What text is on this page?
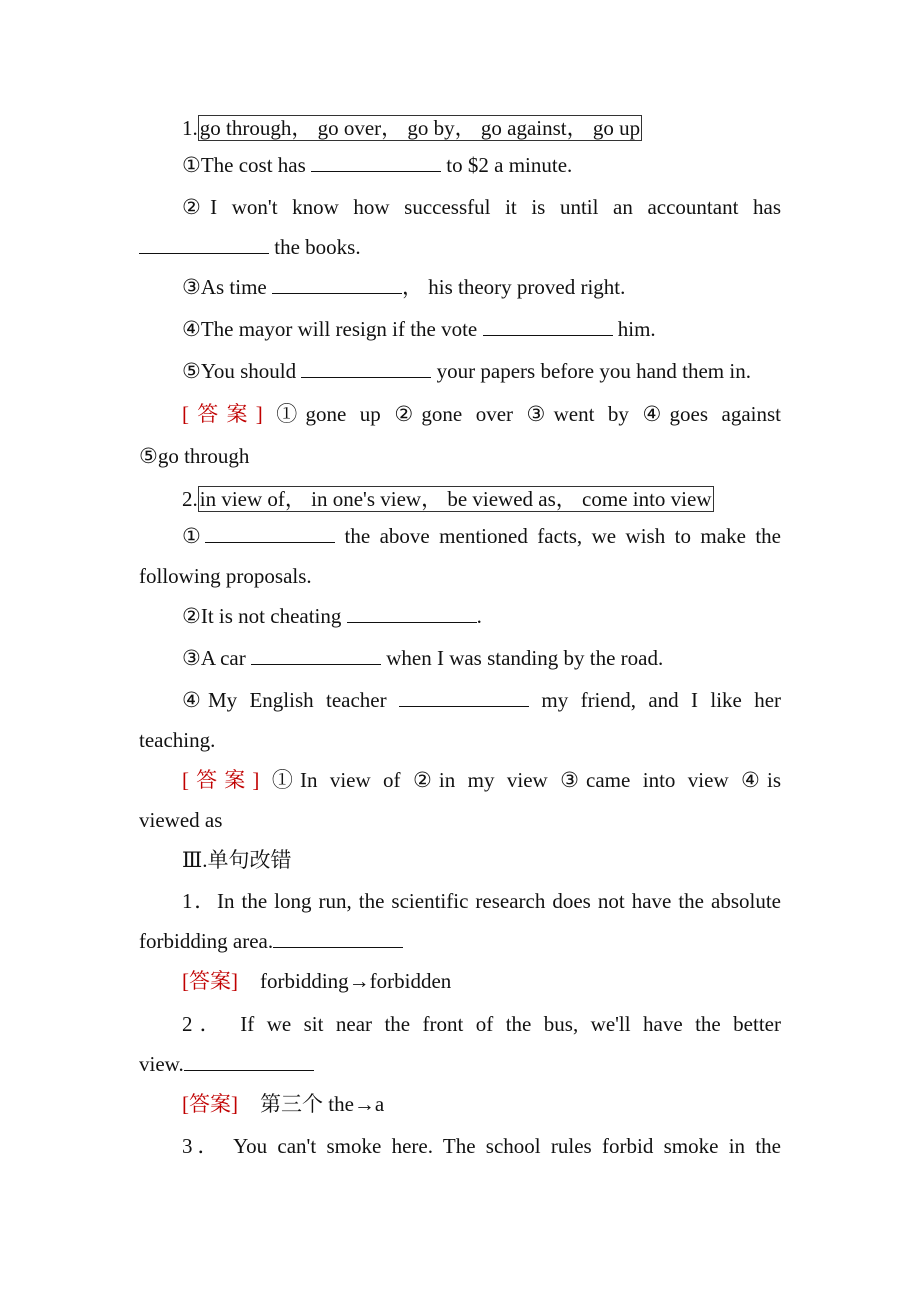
1.go through， go over， go by， go against， go up
①The cost has	to $2 a minute.
②I won't know how successful it is until an accountant has
the books.
③As time	， his theory proved right.
④The mayor will resign if the vote	him.
⑤You should	your papers before you hand them in.
[答案] ①gone up ②gone over ③went by ④goes against
⑤go through
2.in view of， in one's view， be viewed as， come into view
①	the above mentioned facts, we wish to make the
following proposals.
②It is not cheating	.
③A car	when I was standing by the road.
④My English teacher	my friend, and I like her
teaching.
[答案] ①In view of ②in my view ③came into view ④is
viewed as
Ⅲ.单句改错
1．In the long run, the scientific research does not have the absolute
forbidding area.
[答案] forbidding→forbidden
2． If we sit near the front of the bus, we'll have the better
view.
[答案] 第三个 the→a
3． You can't smoke here. The school rules forbid smoke in the
